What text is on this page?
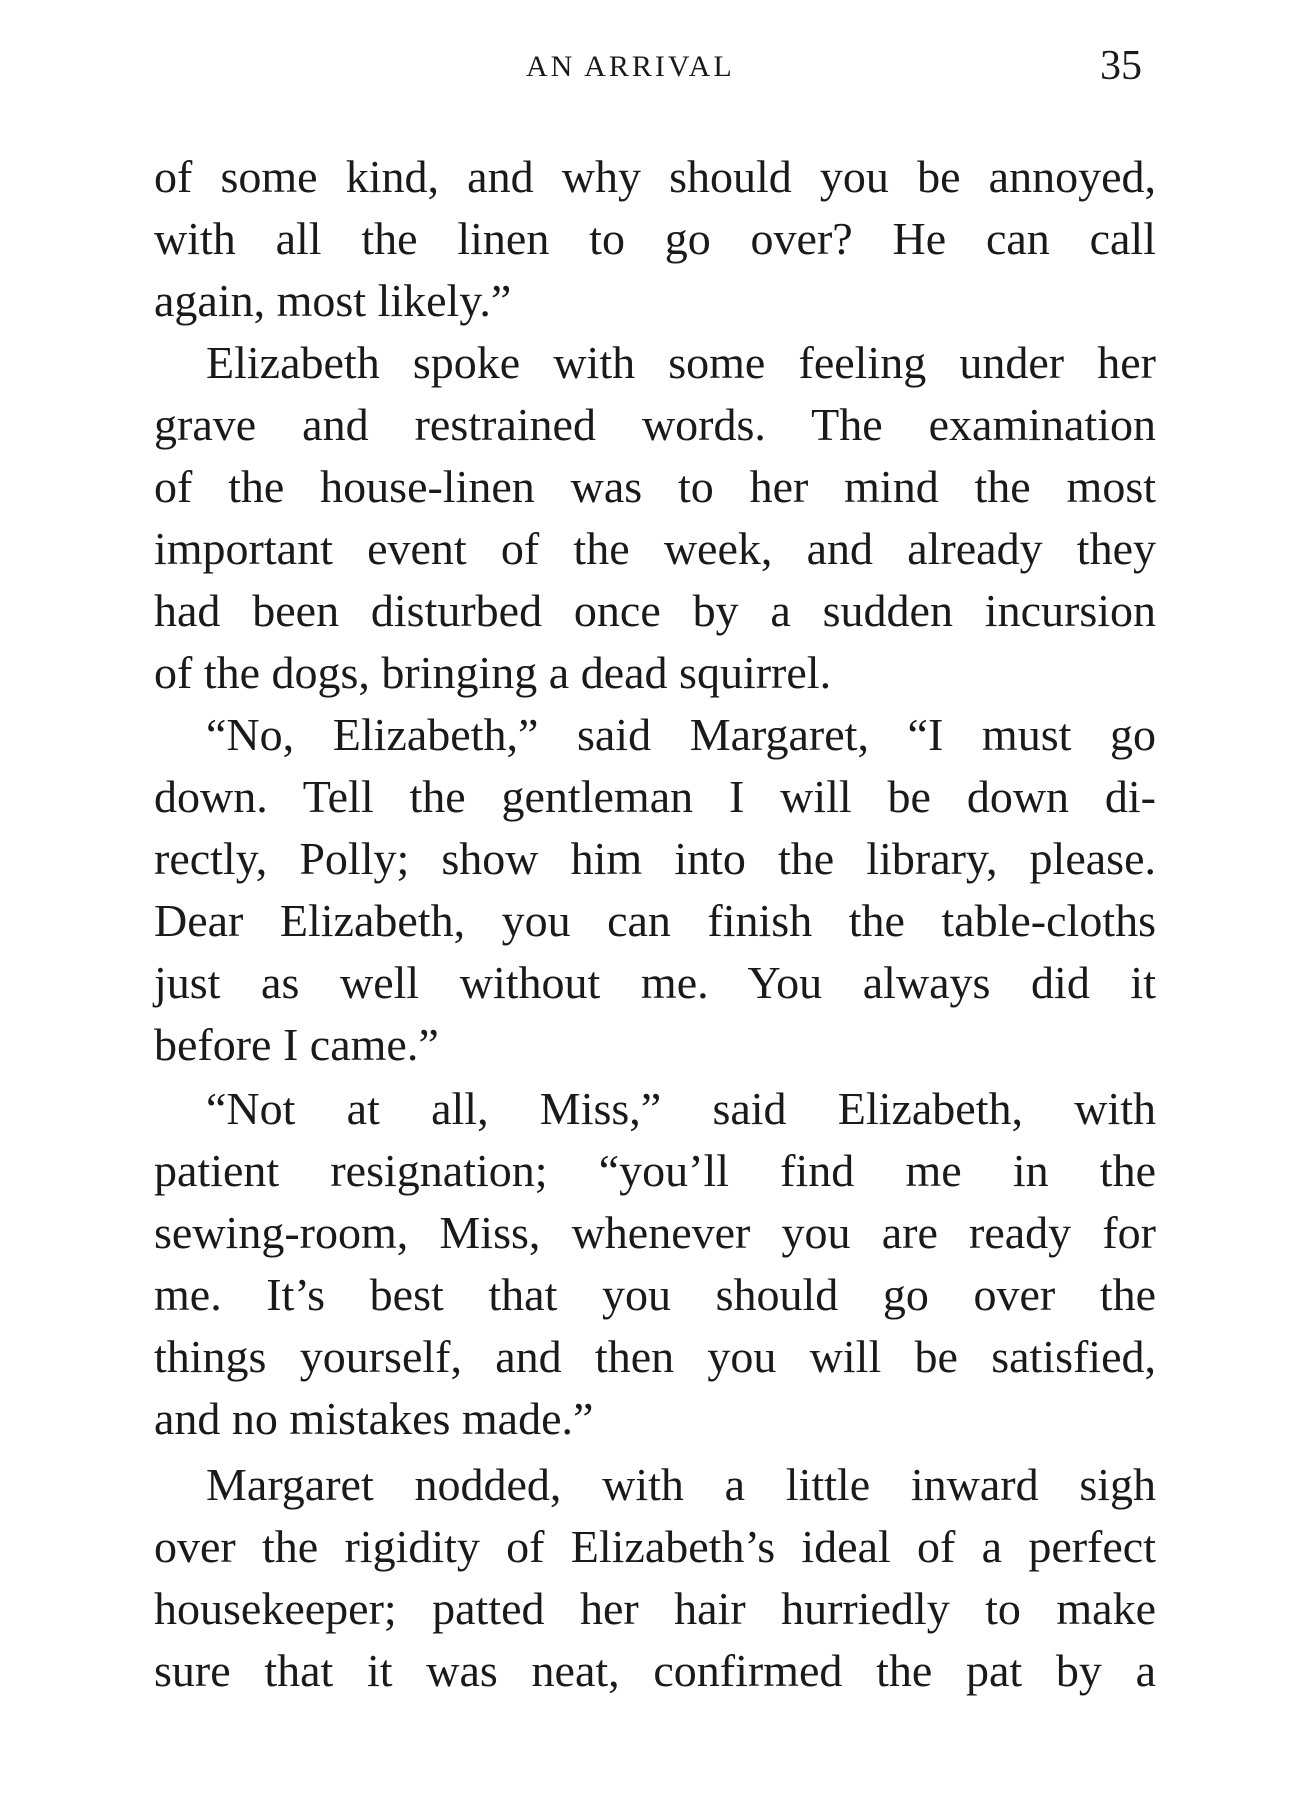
AN ARRIVAL	35
of some kind, and why should you be annoyed,
with all the linen to go over? He can call
again, most likely.”
Elizabeth spoke with some feeling under her
grave and restrained words. The examination
of the house-linen was to her mind the most
important event of the week, and already they
had been disturbed once by a sudden incursion
of the dogs, bringing a dead squirrel.
“No, Elizabeth,” said Margaret, “I must go
down. Tell the gentleman I will be down di-
rectly, Polly; show him into the library, please.
Dear Elizabeth, you can finish the table-cloths
just as well without me. You always did it
before I came.”
“Not at all, Miss,” said Elizabeth, with
patient resignation; “you’ll find me in the
sewing-room, Miss, whenever you are ready for
me. It’s best that you should go over the
things yourself, and then you will be satisfied,
and no mistakes made.”
Margaret nodded, with a little inward sigh
over the rigidity of Elizabeth’s ideal of a perfect
housekeeper; patted her hair hurriedly to make
sure that it was neat, confirmed the pat by a
